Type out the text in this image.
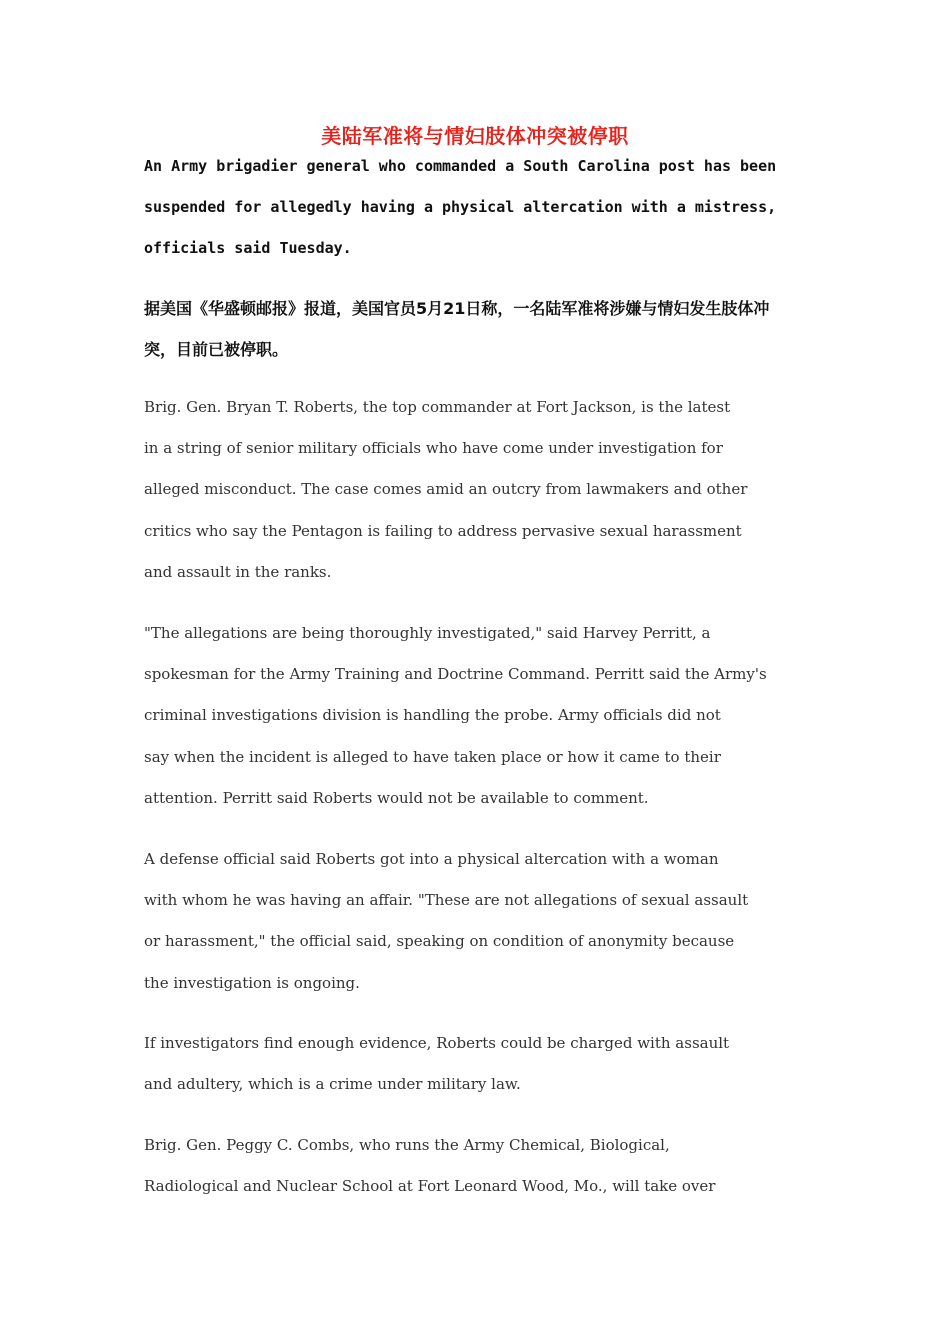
美陆军准将与情妇肢体冲突被停职

An Army brigadier general who commanded a South Carolina post has been
suspended for allegedly having a physical altercation with a mistress,
officials said Tuesday.

据美国《华盛顿邮报》报道，美国官员5月21日称，一名陆军准将涉嫌与情妇发生肢体冲
突，目前已被停职。

Brig. Gen. Bryan T. Roberts, the top commander at Fort Jackson, is the latest
in a string of senior military officials who have come under investigation for
alleged misconduct. The case comes amid an outcry from lawmakers and other
critics who say the Pentagon is failing to address pervasive sexual harassment
and assault in the ranks.

"The allegations are being thoroughly investigated," said Harvey Perritt, a
spokesman for the Army Training and Doctrine Command. Perritt said the Army's
criminal investigations division is handling the probe. Army officials did not
say when the incident is alleged to have taken place or how it came to their
attention. Perritt said Roberts would not be available to comment.

A defense official said Roberts got into a physical altercation with a woman
with whom he was having an affair. "These are not allegations of sexual assault
or harassment," the official said, speaking on condition of anonymity because
the investigation is ongoing.

If investigators find enough evidence, Roberts could be charged with assault
and adultery, which is a crime under military law.

Brig. Gen. Peggy C. Combs, who runs the Army Chemical, Biological,
Radiological and Nuclear School at Fort Leonard Wood, Mo., will take over
